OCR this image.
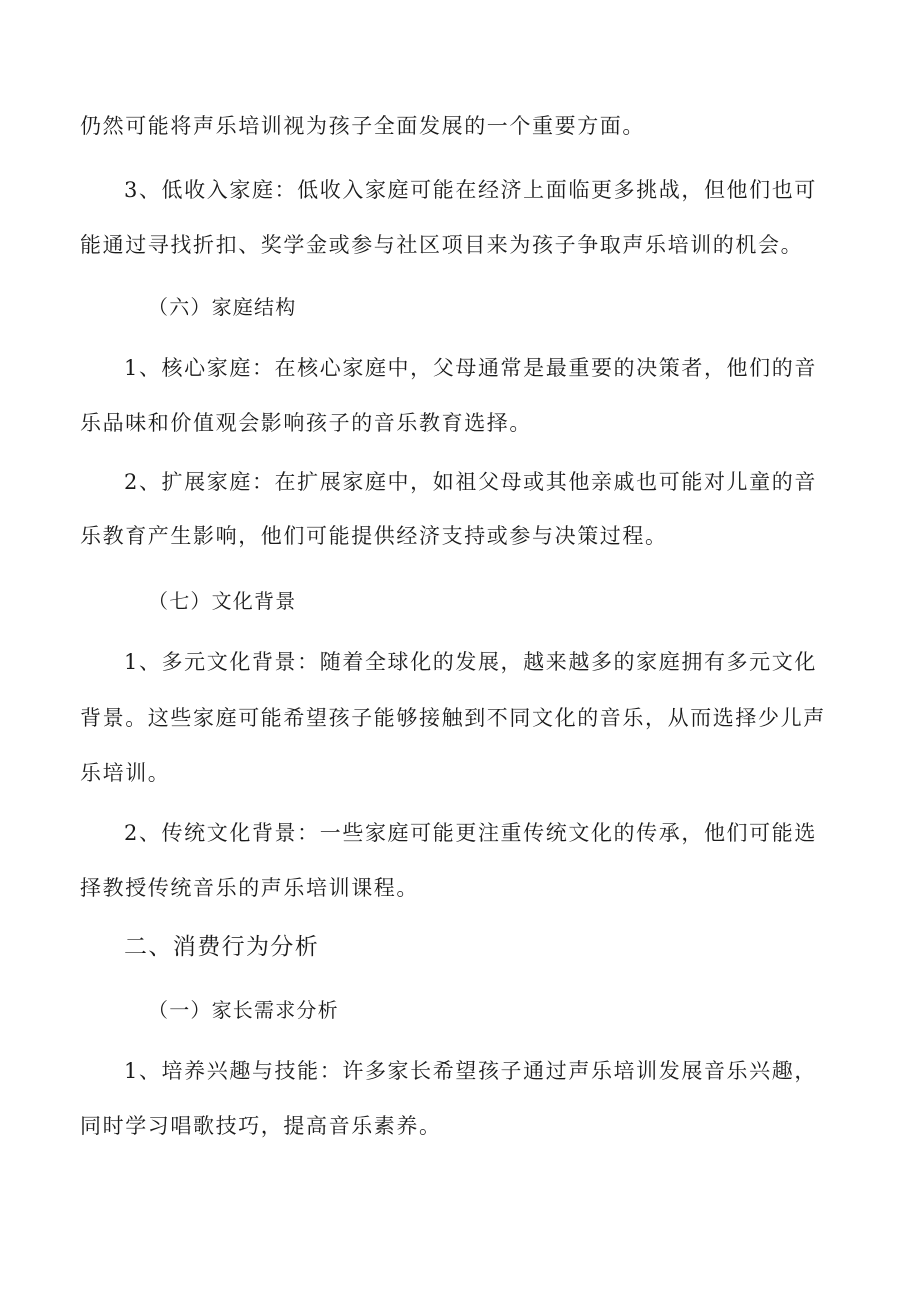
仍然可能将声乐培训视为孩子全面发展的一个重要方面。
3、低收入家庭：低收入家庭可能在经济上面临更多挑战，但他们也可
能通过寻找折扣、奖学金或参与社区项目来为孩子争取声乐培训的机会。
（六）家庭结构
1、核心家庭：在核心家庭中，父母通常是最重要的决策者，他们的音
乐品味和价值观会影响孩子的音乐教育选择。
2、扩展家庭：在扩展家庭中，如祖父母或其他亲戚也可能对儿童的音
乐教育产生影响，他们可能提供经济支持或参与决策过程。
（七）文化背景
1、多元文化背景：随着全球化的发展，越来越多的家庭拥有多元文化
背景。这些家庭可能希望孩子能够接触到不同文化的音乐，从而选择少儿声
乐培训。
2、传统文化背景：一些家庭可能更注重传统文化的传承，他们可能选
择教授传统音乐的声乐培训课程。
二、消费行为分析
（一）家长需求分析
1、培养兴趣与技能：许多家长希望孩子通过声乐培训发展音乐兴趣，
同时学习唱歌技巧，提高音乐素养。
